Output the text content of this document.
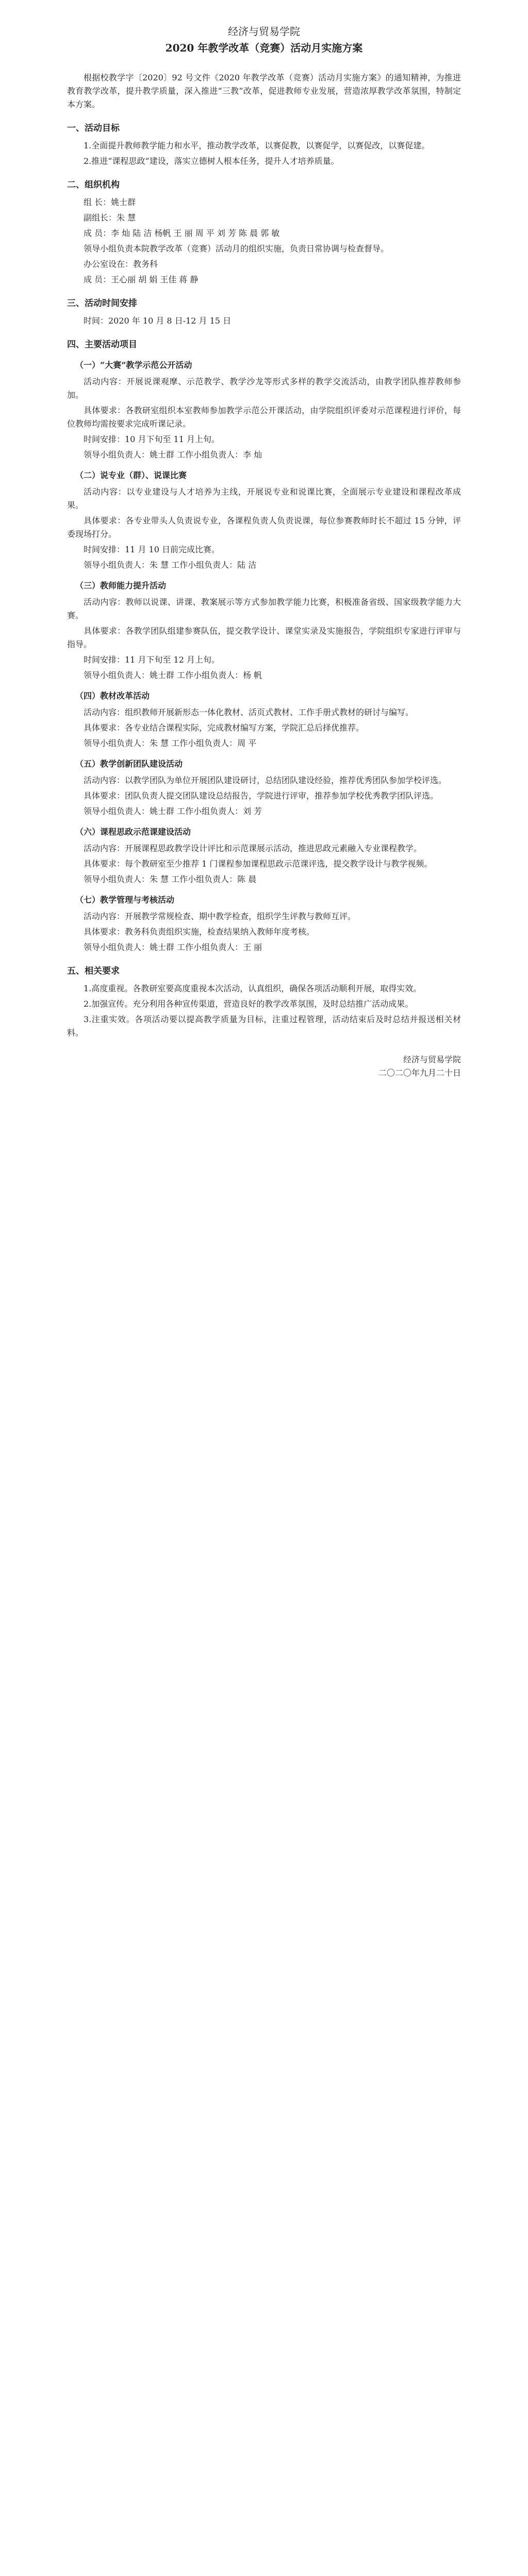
经济与贸易学院

2020 年教学改革（竞赛）活动月实施方案

根据校教学字〔2020〕92 号文件《2020 年教学改革（竞赛）活动月实施方案》的通知精神，为推进教育教学改革，提升教学质量，深入推进“三教”改革，促进教师专业发展，营造浓厚教学改革氛围，特制定本方案。

一、活动目标

1.全面提升教师教学能力和水平，推动教学改革，以赛促教，以赛促学，以赛促改，以赛促建。

2.推进“课程思政”建设，落实立德树人根本任务，提升人才培养质量。

二、组织机构

组 长：姚士群

副组长：朱 慧

成 员：李 灿 陆 洁 杨帆 王 丽 周 平 刘 芳 陈 晨 郭 敏

领导小组负责本院教学改革（竞赛）活动月的组织实施，负责日常协调与检查督导。

办公室设在：教务科

成 员：王心丽 胡 娟 王佳 蒋 静

三、活动时间安排

时间：2020 年 10 月 8 日-12 月 15 日

四、主要活动项目
（一）“大赛”教学示范公开活动

活动内容：开展说课观摩、示范教学、教学沙龙等形式多样的教学交流活动，由教学团队推荐教师参加。

具体要求：各教研室组织本室教师参加教学示范公开课活动，由学院组织评委对示范课程进行评价，每位教师均需按要求完成听课记录。

时间安排：10 月下旬至 11 月上旬。

领导小组负责人：姚士群 工作小组负责人：李 灿

（二）说专业（群）、说课比赛

活动内容：以专业建设与人才培养为主线，开展说专业和说课比赛，全面展示专业建设和课程改革成果。

具体要求：各专业带头人负责说专业，各课程负责人负责说课，每位参赛教师时长不超过 15 分钟，评委现场打分。

时间安排：11 月 10 日前完成比赛。

领导小组负责人：朱 慧 工作小组负责人：陆 洁

（三）教师能力提升活动

活动内容：教师以说课、讲课、教案展示等方式参加教学能力比赛，积极准备省级、国家级教学能力大赛。

具体要求：各教学团队组建参赛队伍，提交教学设计、课堂实录及实施报告，学院组织专家进行评审与指导。

时间安排：11 月下旬至 12 月上旬。

领导小组负责人：姚士群 工作小组负责人：杨 帆

（四）教材改革活动

活动内容：组织教师开展新形态一体化教材、活页式教材、工作手册式教材的研讨与编写。

具体要求：各专业结合课程实际，完成教材编写方案，学院汇总后择优推荐。

领导小组负责人：朱 慧 工作小组负责人：周 平

（五）教学创新团队建设活动

活动内容：以教学团队为单位开展团队建设研讨，总结团队建设经验，推荐优秀团队参加学校评选。

具体要求：团队负责人提交团队建设总结报告，学院进行评审，推荐参加学校优秀教学团队评选。

领导小组负责人：姚士群 工作小组负责人：刘 芳

（六）课程思政示范课建设活动

活动内容：开展课程思政教学设计评比和示范课展示活动，推进思政元素融入专业课程教学。

具体要求：每个教研室至少推荐 1 门课程参加课程思政示范课评选，提交教学设计与教学视频。

领导小组负责人：朱 慧 工作小组负责人：陈 晨

（七）教学管理与考核活动

活动内容：开展教学常规检查、期中教学检查，组织学生评教与教师互评。

具体要求：教务科负责组织实施，检查结果纳入教师年度考核。

领导小组负责人：姚士群 工作小组负责人：王 丽

五、相关要求

1.高度重视。各教研室要高度重视本次活动，认真组织，确保各项活动顺利开展，取得实效。

2.加强宣传。充分利用各种宣传渠道，营造良好的教学改革氛围，及时总结推广活动成果。

3.注重实效。各项活动要以提高教学质量为目标，注重过程管理，活动结束后及时总结并报送相关材料。

经济与贸易学院
二〇二〇年九月二十日
